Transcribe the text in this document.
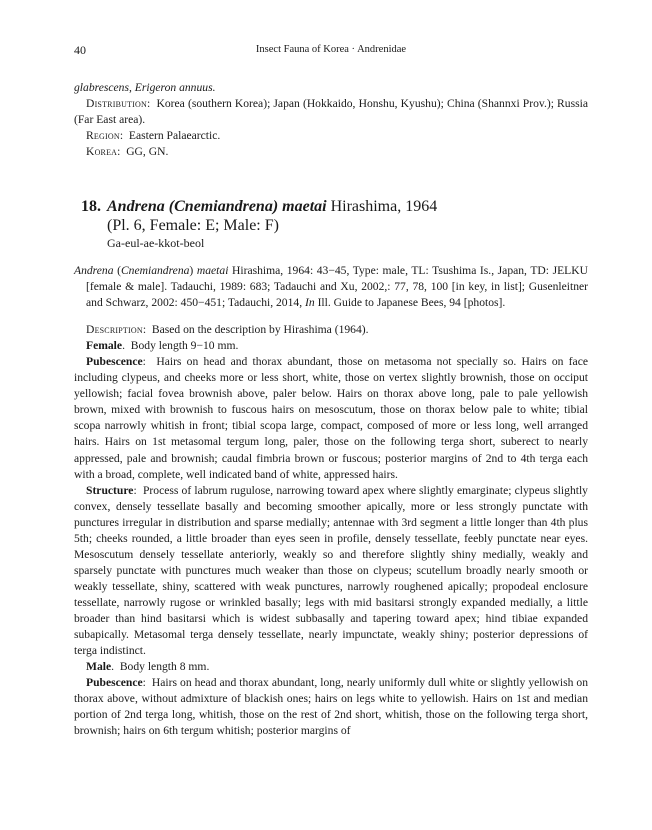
40	Insect Fauna of Korea · Andrenidae

glabrescens, Erigeron annuus.

Distribution:  Korea (southern Korea); Japan (Hokkaido, Honshu, Kyushu); China (Shannxi Prov.); Russia (Far East area).

Region:  Eastern Palaearctic.

Korea:  GG, GN.

18. Andrena (Cnemiandrena) maetai Hirashima, 1964
(Pl. 6, Female: E; Male: F)
Ga-eul-ae-kkot-beol

Andrena (Cnemiandrena) maetai Hirashima, 1964: 43−45, Type: male, TL: Tsushima Is., Japan, TD: JELKU [female & male]. Tadauchi, 1989: 683; Tadauchi and Xu, 2002,: 77, 78, 100 [in key, in list]; Gusenleitner and Schwarz, 2002: 450−451; Tadauchi, 2014, In Ill. Guide to Japanese Bees, 94 [photos].

Description:  Based on the description by Hirashima (1964).

Female.  Body length 9−10 mm.

Pubescence:  Hairs on head and thorax abundant, those on metasoma not specially so. Hairs on face including clypeus, and cheeks more or less short, white, those on vertex slightly brownish, those on occiput yellowish; facial fovea brownish above, paler below. Hairs on thorax above long, pale to pale yellowish brown, mixed with brownish to fuscous hairs on mesoscutum, those on thorax below pale to white; tibial scopa narrowly whitish in front; tibial scopa large, compact, composed of more or less long, well arranged hairs. Hairs on 1st metasomal tergum long, paler, those on the following terga short, suberect to nearly appressed, pale and brownish; caudal fimbria brown or fuscous; posterior margins of 2nd to 4th terga each with a broad, complete, well indicated band of white, appressed hairs.

Structure:  Process of labrum rugulose, narrowing toward apex where slightly emarginate; clypeus slightly convex, densely tessellate basally and becoming smoother apically, more or less strongly punctate with punctures irregular in distribution and sparse medially; antennae with 3rd segment a little longer than 4th plus 5th; cheeks rounded, a little broader than eyes seen in profile, densely tessellate, feebly punctate near eyes. Mesoscutum densely tessellate anteriorly, weakly so and therefore slightly shiny medially, weakly and sparsely punctate with punctures much weaker than those on clypeus; scutellum broadly nearly smooth or weakly tessellate, shiny, scattered with weak punctures, narrowly roughened apically; propodeal enclosure tessellate, narrowly rugose or wrinkled basally; legs with mid basitarsi strongly expanded medially, a little broader than hind basitarsi which is widest subbasally and tapering toward apex; hind tibiae expanded subapically. Metasomal terga densely tessellate, nearly impunctate, weakly shiny; posterior depressions of terga indistinct.

Male.  Body length 8 mm.

Pubescence:  Hairs on head and thorax abundant, long, nearly uniformly dull white or slightly yellowish on thorax above, without admixture of blackish ones; hairs on legs white to yellowish. Hairs on 1st and median portion of 2nd terga long, whitish, those on the rest of 2nd short, whitish, those on the following terga short, brownish; hairs on 6th tergum whitish; posterior margins of
